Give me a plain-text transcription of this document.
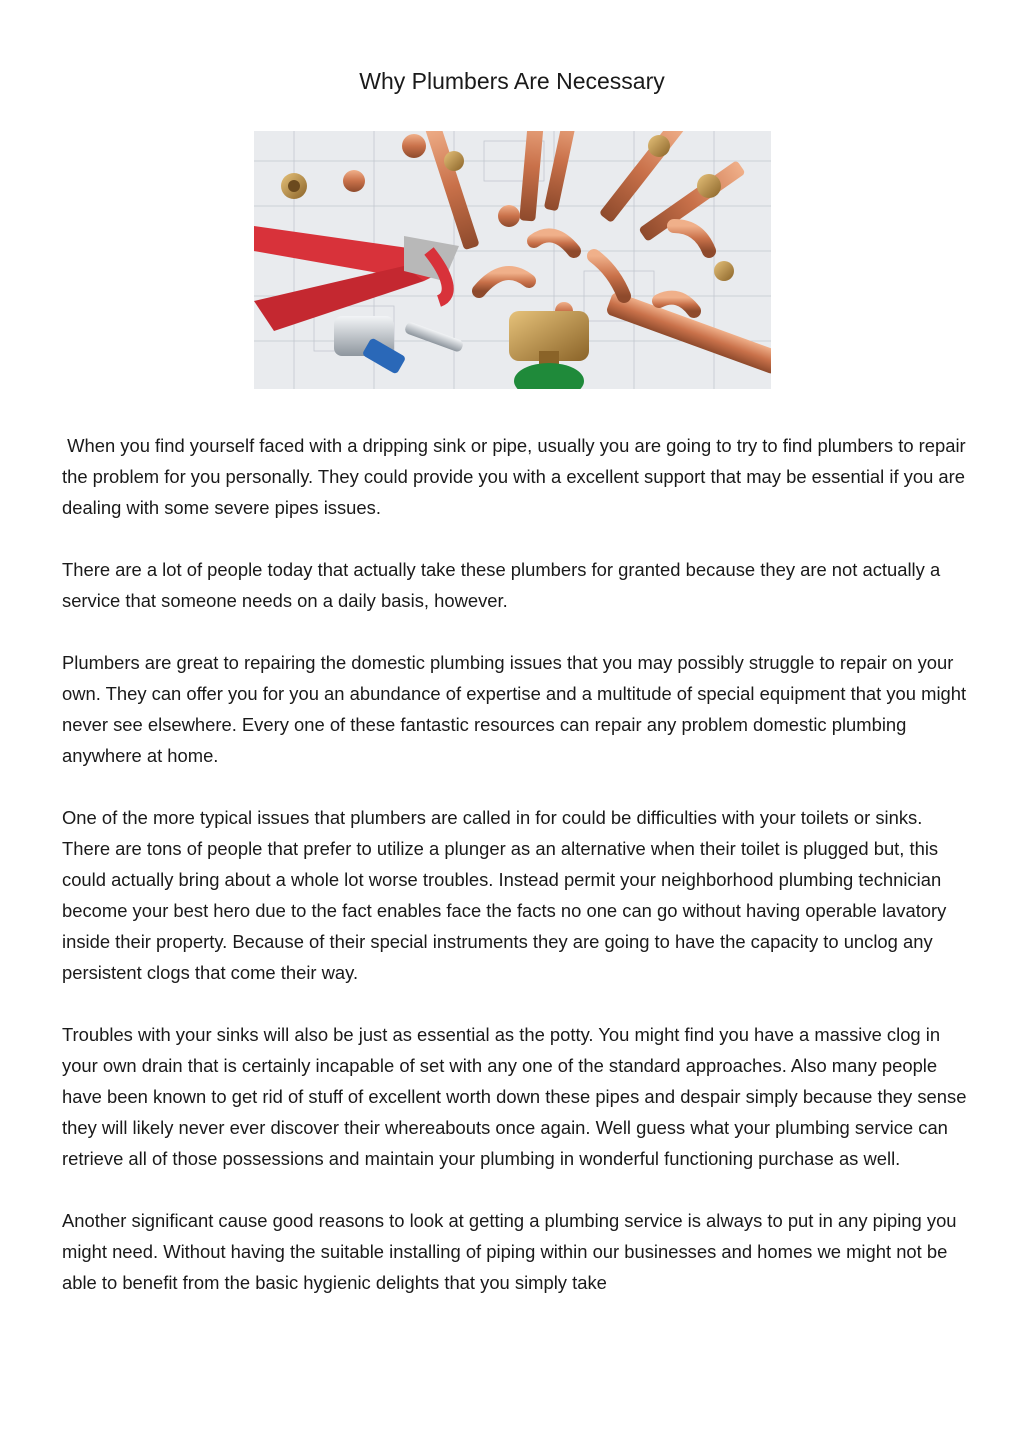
Why Plumbers Are Necessary

When you find yourself faced with a dripping sink or pipe, usually you are going to try to find plumbers to repair the problem for you personally. They could provide you with a excellent support that may be essential if you are dealing with some severe pipes issues.

There are a lot of people today that actually take these plumbers for granted because they are not actually a service that someone needs on a daily basis, however.

Plumbers are great to repairing the domestic plumbing issues that you may possibly struggle to repair on your own. They can offer you for you an abundance of expertise and a multitude of special equipment that you might never see elsewhere. Every one of these fantastic resources can repair any problem domestic plumbing anywhere at home.

One of the more typical issues that plumbers are called in for could be difficulties with your toilets or sinks. There are tons of people that prefer to utilize a plunger as an alternative when their toilet is plugged but, this could actually bring about a whole lot worse troubles. Instead permit your neighborhood plumbing technician become your best hero due to the fact enables face the facts no one can go without having operable lavatory inside their property. Because of their special instruments they are going to have the capacity to unclog any persistent clogs that come their way.

Troubles with your sinks will also be just as essential as the potty. You might find you have a massive clog in your own drain that is certainly incapable of set with any one of the standard approaches. Also many people have been known to get rid of stuff of excellent worth down these pipes and despair simply because they sense they will likely never ever discover their whereabouts once again. Well guess what your plumbing service can retrieve all of those possessions and maintain your plumbing in wonderful functioning purchase as well.

Another significant cause good reasons to look at getting a plumbing service is always to put in any piping you might need. Without having the suitable installing of piping within our businesses and homes we might not be able to benefit from the basic hygienic delights that you simply take
